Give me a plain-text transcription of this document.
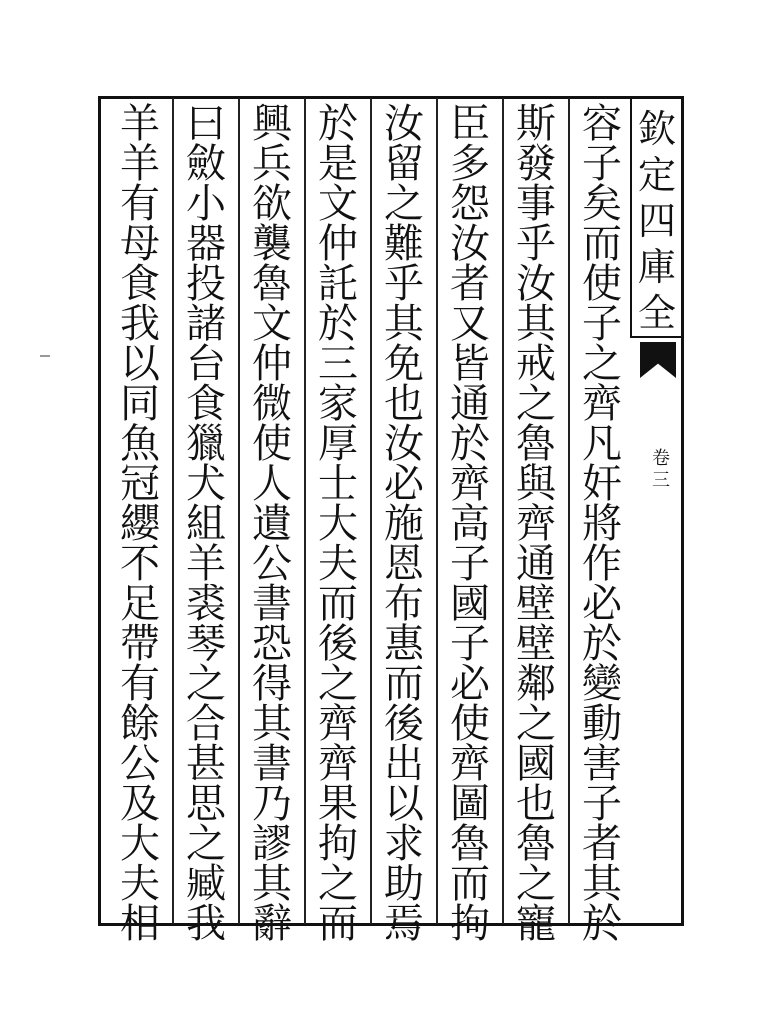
欽
定
四
庫
全
卷
三
容
子
矣
而
使
子
之
齊
凡
奸
將
作
必
於
變
動
害
子
者
其
於
斯
發
事
乎
汝
其
戒
之
魯
與
齊
通
壁
壁
鄰
之
國
也
魯
之
寵
臣
多
怨
汝
者
又
皆
通
於
齊
高
子
國
子
必
使
齊
圖
魯
而
拘
汝
留
之
難
乎
其
免
也
汝
必
施
恩
布
惠
而
後
出
以
求
助
焉
於
是
文
仲
託
於
三
家
厚
士
大
夫
而
後
之
齊
齊
果
拘
之
而
興
兵
欲
襲
魯
文
仲
微
使
人
遺
公
書
恐
得
其
書
乃
謬
其
辭
曰
斂
小
器
投
諸
台
食
獵
犬
組
羊
裘
琴
之
合
甚
思
之
臧
我
羊
羊
有
母
食
我
以
同
魚
冠
纓
不
足
帶
有
餘
公
及
大
夫
相
